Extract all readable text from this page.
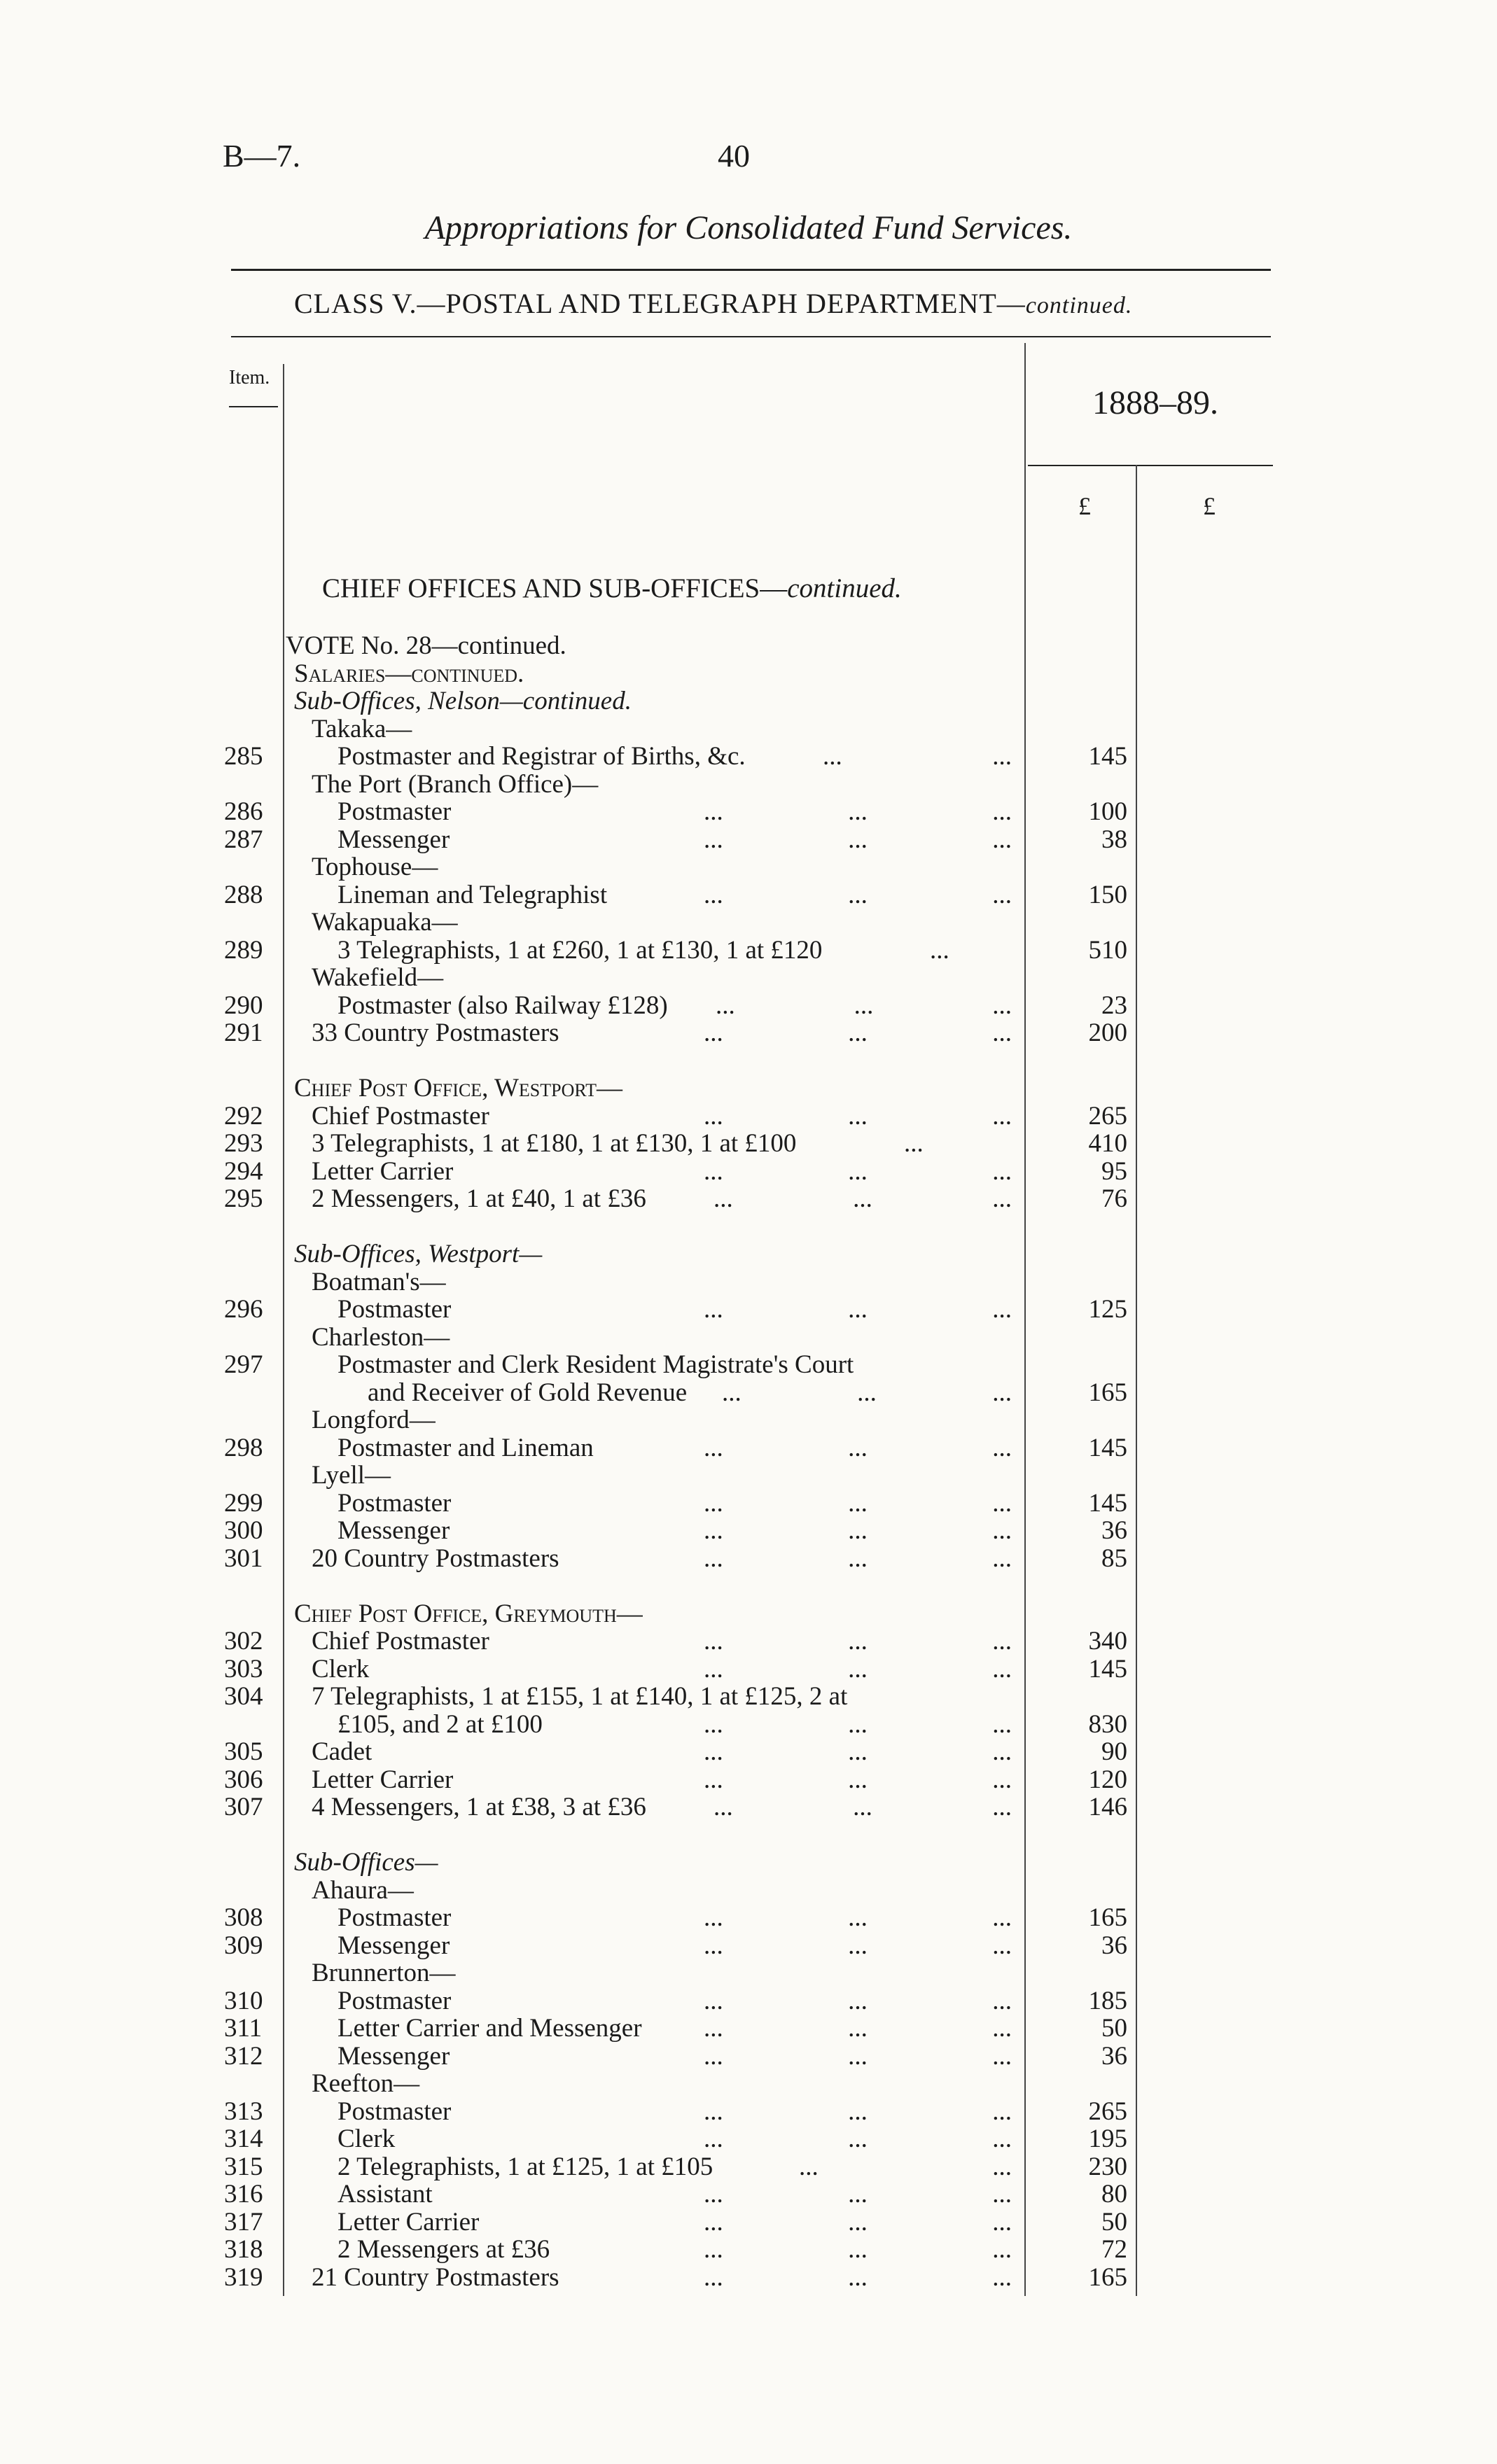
B—7.	40
Appropriations for Consolidated Fund Services.
CLASS V.—POSTAL AND TELEGRAPH DEPARTMENT—continued.
Item.
1888–89.
£	£
CHIEF OFFICES AND SUB-OFFICES—continued.
VOTE No. 28—continued.
Salaries—continued.
Sub-Offices, Nelson—continued.
Takaka—
285	Postmaster and Registrar of Births, &c.	...	...	145
The Port (Branch Office)—
286	Postmaster	...	...	...	100
287	Messenger	...	...	...	38
Tophouse—
288	Lineman and Telegraphist	...	...	...	150
Wakapuaka—
289	3 Telegraphists, 1 at £260, 1 at £130, 1 at £120	...	510
Wakefield—
290	Postmaster (also Railway £128) ...	...	...	23
291	33 Country Postmasters	...	...	...	200
Chief Post Office, Westport—
292	Chief Postmaster	...	...	...	265
293	3 Telegraphists, 1 at £180, 1 at £130, 1 at £100	...	410
294	Letter Carrier	...	...	...	95
295	2 Messengers, 1 at £40, 1 at £36	...	...	...	76
Sub-Offices, Westport—
Boatman's—
296	Postmaster	...	...	...	125
Charleston—
297	Postmaster and Clerk Resident Magistrate's Court
and Receiver of Gold Revenue ...	...	...	165
Longford—
298	Postmaster and Lineman	...	...	...	145
Lyell—
299	Postmaster	...	...	...	145
300	Messenger	...	...	...	36
301	20 Country Postmasters	...	...	...	85
Chief Post Office, Greymouth—
302	Chief Postmaster	...	...	...	340
303	Clerk	...	...	...	145
304	7 Telegraphists, 1 at £155, 1 at £140, 1 at £125, 2 at
£105, and 2 at £100	...	...	...	830
305	Cadet	...	...	...	90
306	Letter Carrier	...	...	...	120
307	4 Messengers, 1 at £38, 3 at £36	...	...	...	146
Sub-Offices—
Ahaura—
308	Postmaster	...	...	...	165
309	Messenger	...	...	...	36
Brunnerton—
310	Postmaster	...	...	...	185
311	Letter Carrier and Messenger ...	...	...	50
312	Messenger	...	...	...	36
Reefton—
313	Postmaster	...	...	...	265
314	Clerk	...	...	...	195
315	2 Telegraphists, 1 at £125, 1 at £105	...	...	230
316	Assistant	...	...	...	80
317	Letter Carrier	...	...	...	50
318	2 Messengers at £36	...	...	...	72
319	21 Country Postmasters	...	...	...	165
